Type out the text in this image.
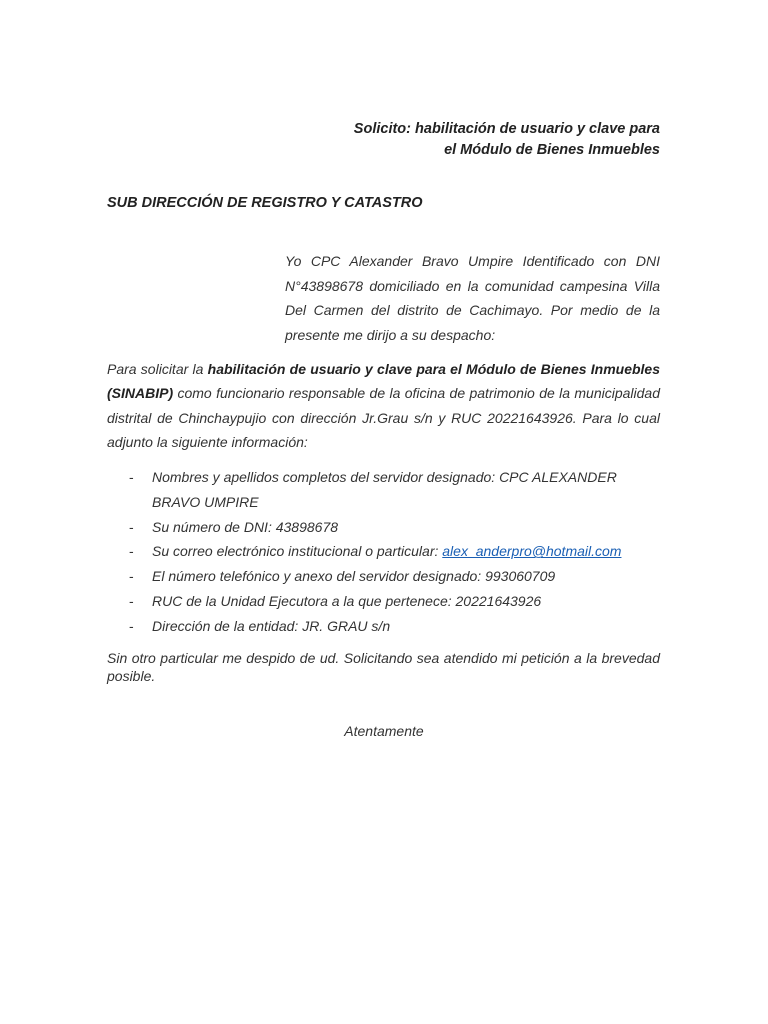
Solicito: habilitación de usuario y clave para
el Módulo de Bienes Inmuebles
SUB DIRECCIÓN DE REGISTRO Y CATASTRO
Yo CPC Alexander Bravo Umpire Identificado con DNI N°43898678 domiciliado en la comunidad campesina Villa Del Carmen del distrito de Cachimayo. Por medio de la presente me dirijo a su despacho:
Para solicitar la habilitación de usuario y clave para el Módulo de Bienes Inmuebles (SINABIP) como funcionario responsable de la oficina de patrimonio de la municipalidad distrital de Chinchaypujio con dirección Jr.Grau s/n y RUC 20221643926. Para lo cual adjunto la siguiente información:
- Nombres y apellidos completos del servidor designado: CPC ALEXANDER BRAVO UMPIRE
- Su número de DNI: 43898678
- Su correo electrónico institucional o particular: alex_anderpro@hotmail.com
- El número telefónico y anexo del servidor designado: 993060709
- RUC de la Unidad Ejecutora a la que pertenece: 20221643926
- Dirección de la entidad: JR. GRAU s/n
Sin otro particular me despido de ud. Solicitando sea atendido mi petición a la brevedad posible.
Atentamente
